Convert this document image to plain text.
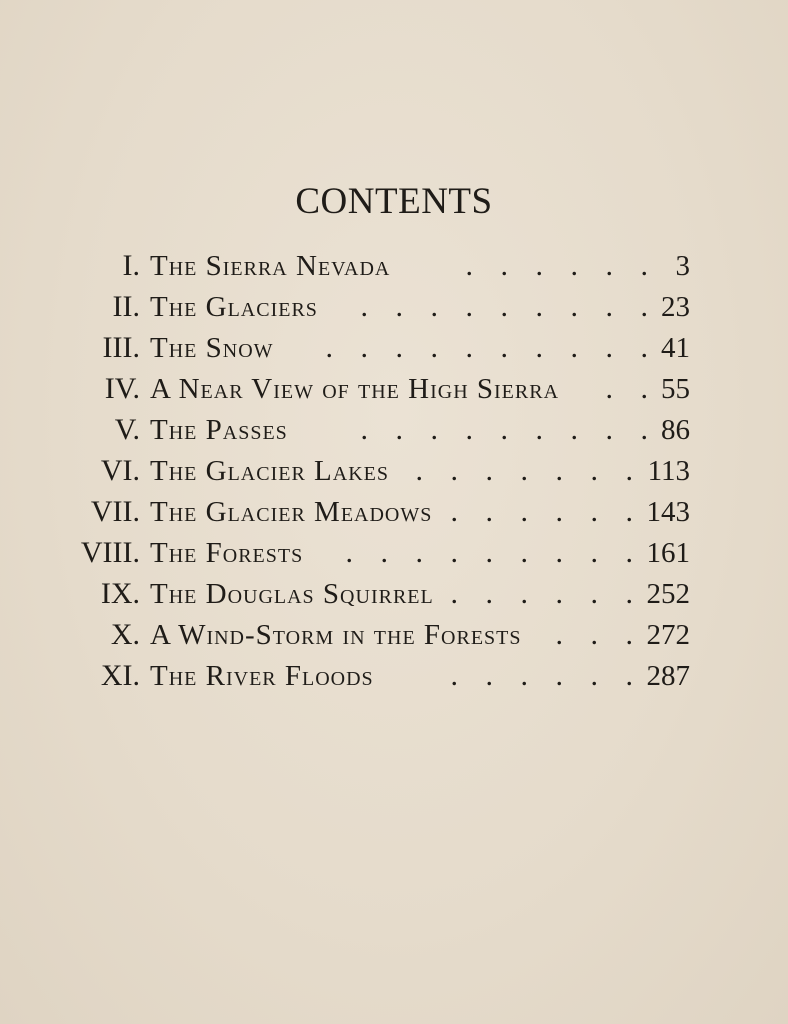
CONTENTS
I. The Sierra Nevada	. . . . . . 3
II. The Glaciers . . . . . . . . . 23
III. The Snow . . . . . . . . . . 41
IV. A Near View of the High Sierra . . 55
V. The Passes . . . . . . . . . 86
VI. The Glacier Lakes . . . . . . . 113
VII. The Glacier Meadows . . . . . . 143
VIII. The Forests . . . . . . . . . 161
IX. The Douglas Squirrel . . . . . . 252
X. A Wind-Storm in the Forests . . . 272
XI. The River Floods	. . . . . . 287
